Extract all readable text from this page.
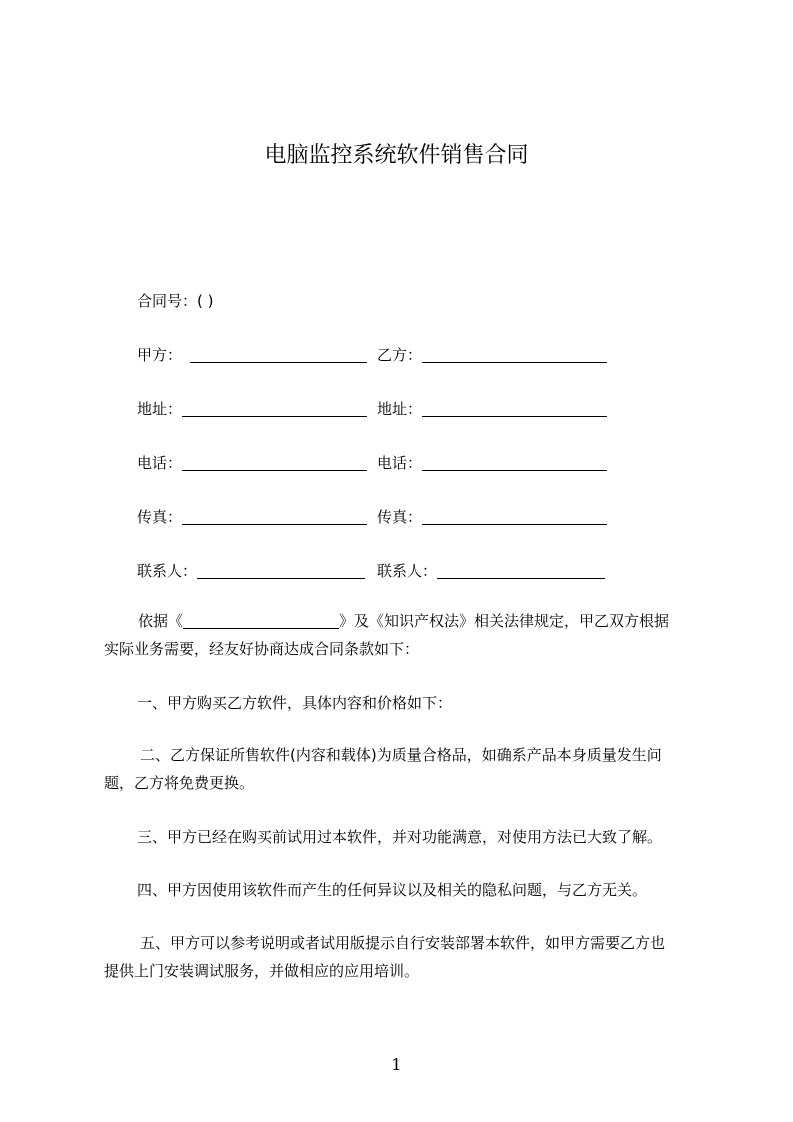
电脑监控系统软件销售合同
合同号：( )
甲方：	乙方：
地址：	地址：
电话：	电话：
传真：	传真：
联系人：	联系人：

依据《	》及《知识产权法》相关法律规定，甲乙双方根据

实际业务需要，经友好协商达成合同条款如下：

一、甲方购买乙方软件，具体内容和价格如下：

二、乙方保证所售软件(内容和载体)为质量合格品，如确系产品本身质量发生问

题，乙方将免费更换。

三、甲方已经在购买前试用过本软件，并对功能满意，对使用方法已大致了解。
四、甲方因使用该软件而产生的任何异议以及相关的隐私问题，与乙方无关。

五、甲方可以参考说明或者试用版提示自行安装部署本软件，如甲方需要乙方也

提供上门安装调试服务，并做相应的应用培训。

1
